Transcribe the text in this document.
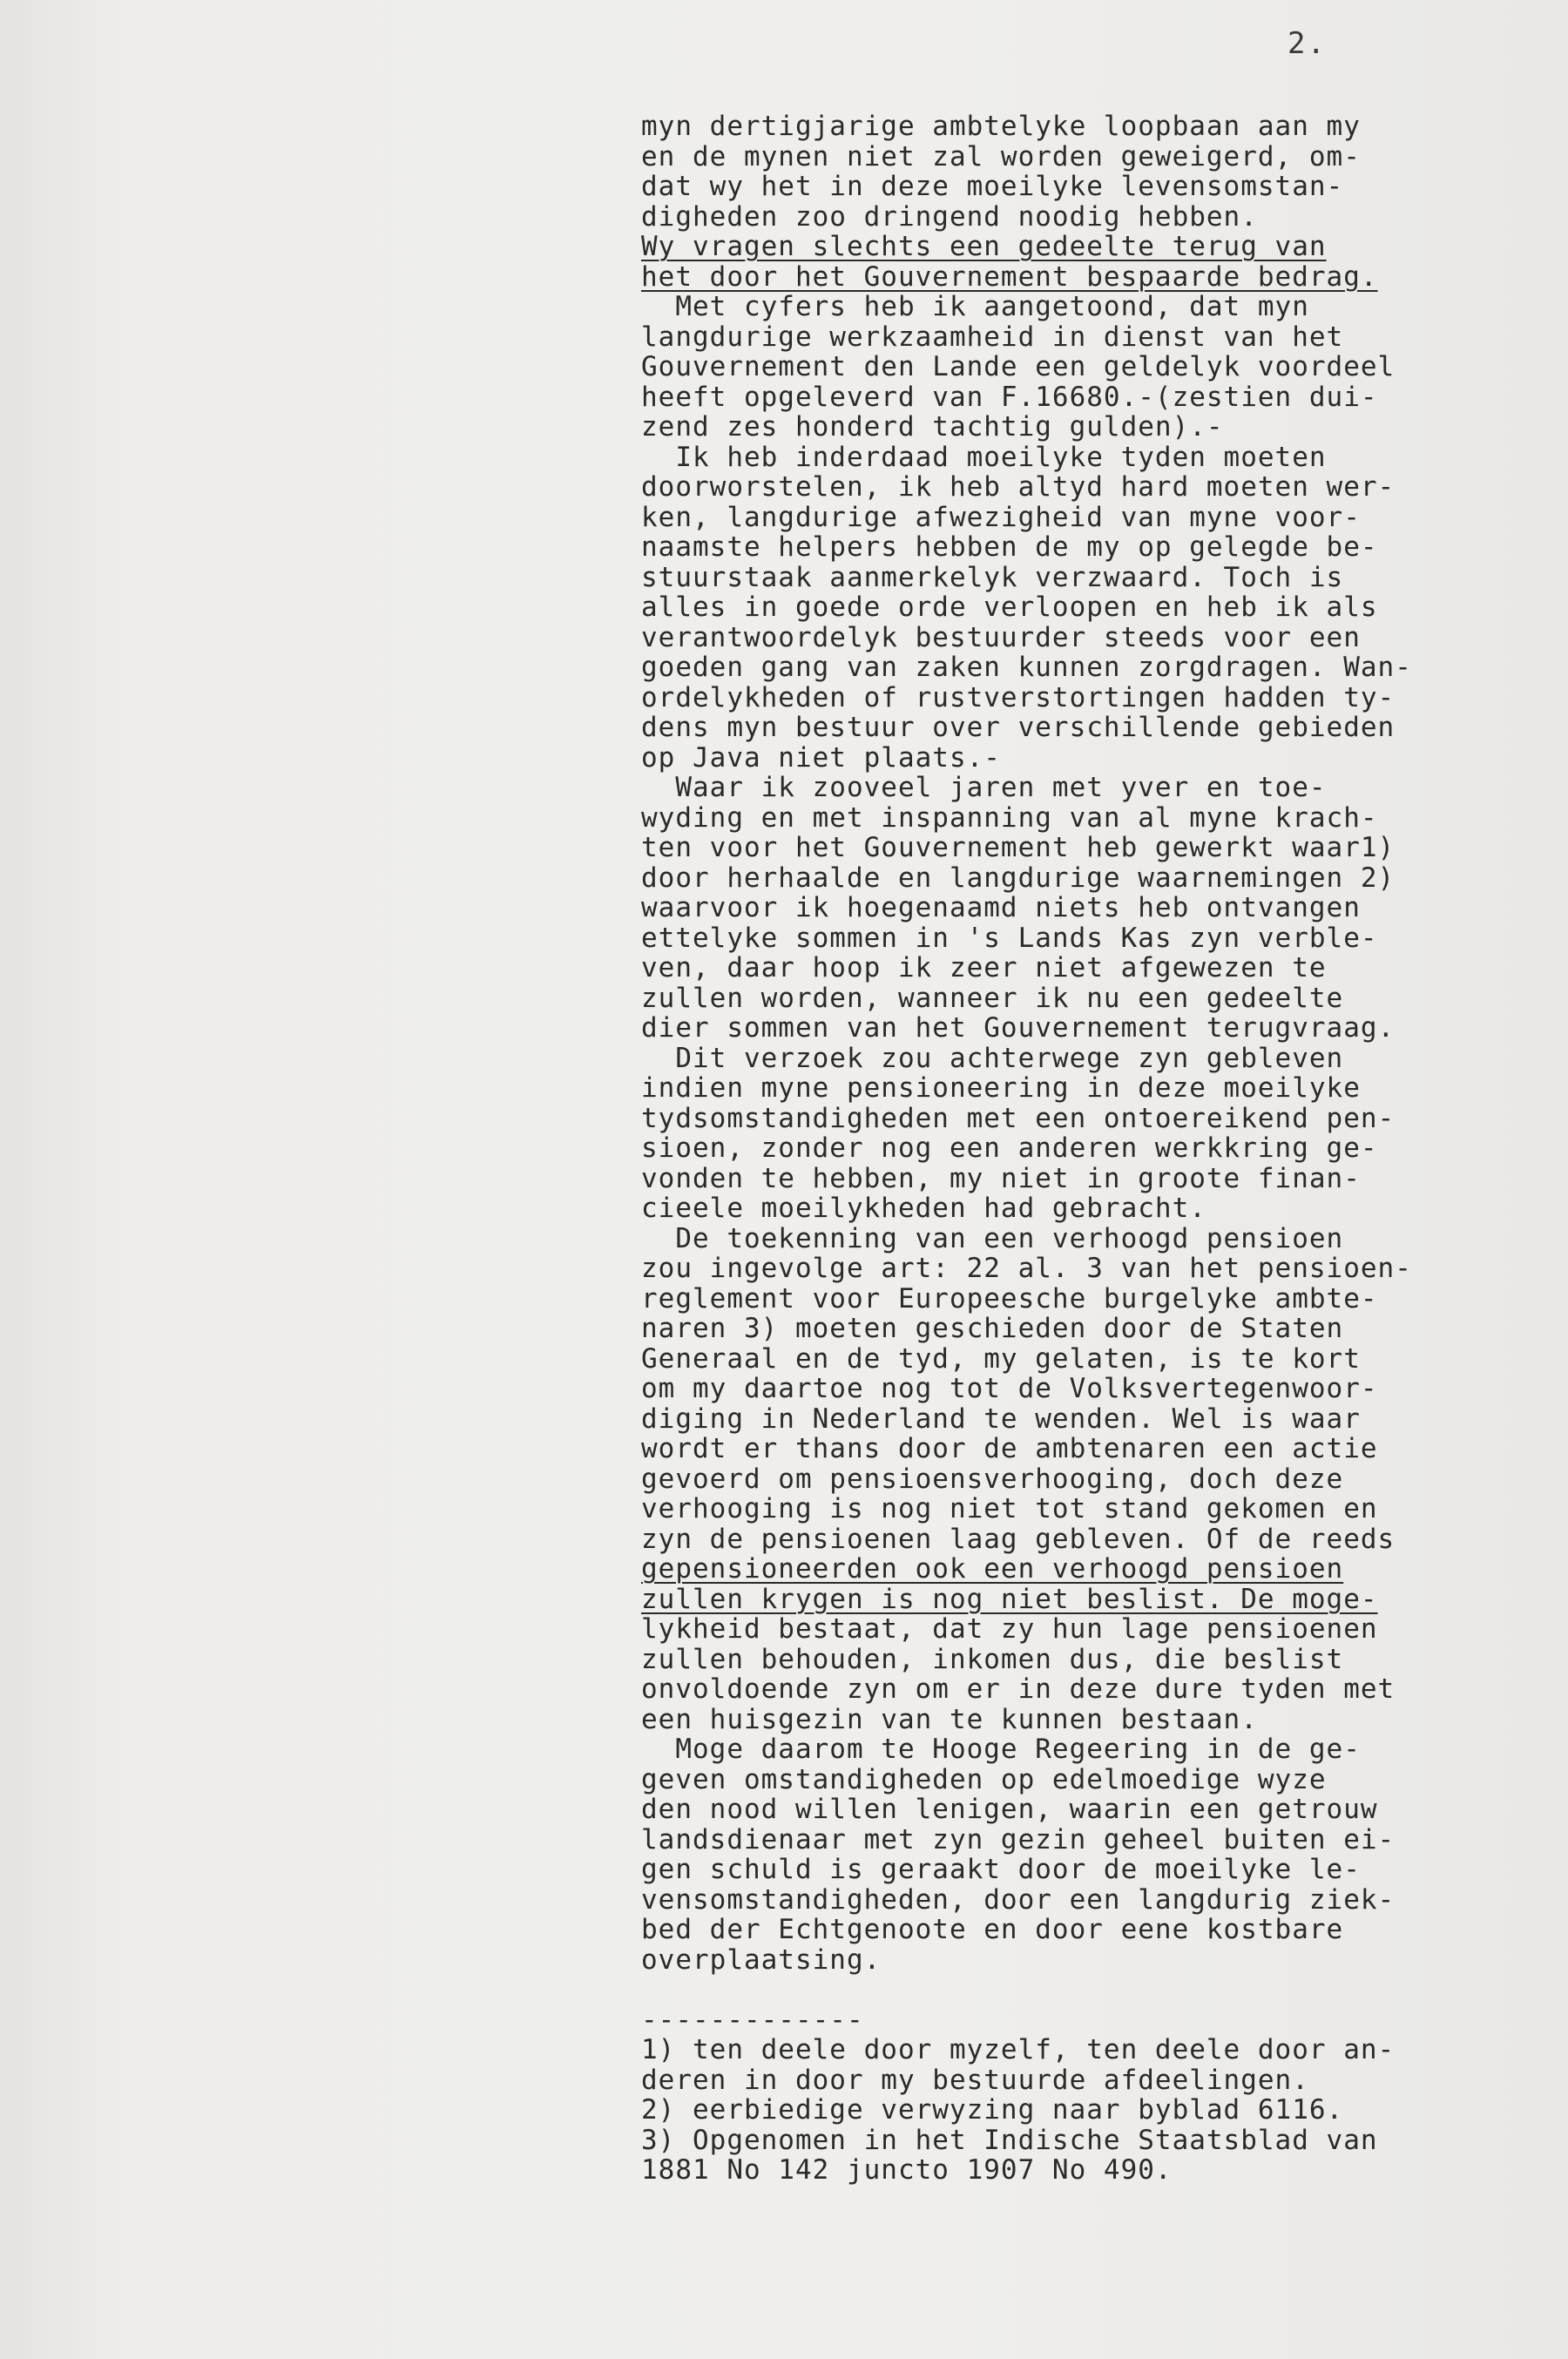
2.
myn dertigjarige ambtelyke loopbaan aan my
en de mynen niet zal worden geweigerd, om-
dat wy het in deze moeilyke levensomstan-
digheden zoo dringend noodig hebben.
Wy vragen slechts een gedeelte terug van
het door het Gouvernement bespaarde bedrag.
Met cyfers heb ik aangetoond, dat myn
langdurige werkzaamheid in dienst van het
Gouvernement den Lande een geldelyk voordeel
heeft opgeleverd van F.16680.-(zestien dui-
zend zes honderd tachtig gulden).-
Ik heb inderdaad moeilyke tyden moeten
doorworstelen, ik heb altyd hard moeten wer-
ken, langdurige afwezigheid van myne voor-
naamste helpers hebben de my op gelegde be-
stuurstaak aanmerkelyk verzwaard. Toch is
alles in goede orde verloopen en heb ik als
verantwoordelyk bestuurder steeds voor een
goeden gang van zaken kunnen zorgdragen. Wan-
ordelykheden of rustverstortingen hadden ty-
dens myn bestuur over verschillende gebieden
op Java niet plaats.-
Waar ik zooveel jaren met yver en toe-
wyding en met inspanning van al myne krach-
ten voor het Gouvernement heb gewerkt waar1)
door herhaalde en langdurige waarnemingen 2)
waarvoor ik hoegenaamd niets heb ontvangen
ettelyke sommen in 's Lands Kas zyn verble-
ven, daar hoop ik zeer niet afgewezen te
zullen worden, wanneer ik nu een gedeelte
dier sommen van het Gouvernement terugvraag.
Dit verzoek zou achterwege zyn gebleven
indien myne pensioneering in deze moeilyke
tydsomstandigheden met een ontoereikend pen-
sioen, zonder nog een anderen werkkring ge-
vonden te hebben, my niet in groote finan-
cieele moeilykheden had gebracht.
De toekenning van een verhoogd pensioen
zou ingevolge art: 22 al. 3 van het pensioen-
reglement voor Europeesche burgelyke ambte-
naren 3) moeten geschieden door de Staten
Generaal en de tyd, my gelaten, is te kort
om my daartoe nog tot de Volksvertegenwoor-
diging in Nederland te wenden. Wel is waar
wordt er thans door de ambtenaren een actie
gevoerd om pensioensverhooging, doch deze
verhooging is nog niet tot stand gekomen en
zyn de pensioenen laag gebleven. Of de reeds
gepensioneerden ook een verhoogd pensioen
zullen krygen is nog niet beslist. De moge-
lykheid bestaat, dat zy hun lage pensioenen
zullen behouden, inkomen dus, die beslist
onvoldoende zyn om er in deze dure tyden met
een huisgezin van te kunnen bestaan.
Moge daarom te Hooge Regeering in de ge-
geven omstandigheden op edelmoedige wyze
den nood willen lenigen, waarin een getrouw
landsdienaar met zyn gezin geheel buiten ei-
gen schuld is geraakt door de moeilyke le-
vensomstandigheden, door een langdurig ziek-
bed der Echtgenoote en door eene kostbare
overplaatsing.
-------------
1) ten deele door myzelf, ten deele door an-
deren in door my bestuurde afdeelingen.
2) eerbiedige verwyzing naar byblad 6116.
3) Opgenomen in het Indische Staatsblad van
1881 No 142 juncto 1907 No 490.
